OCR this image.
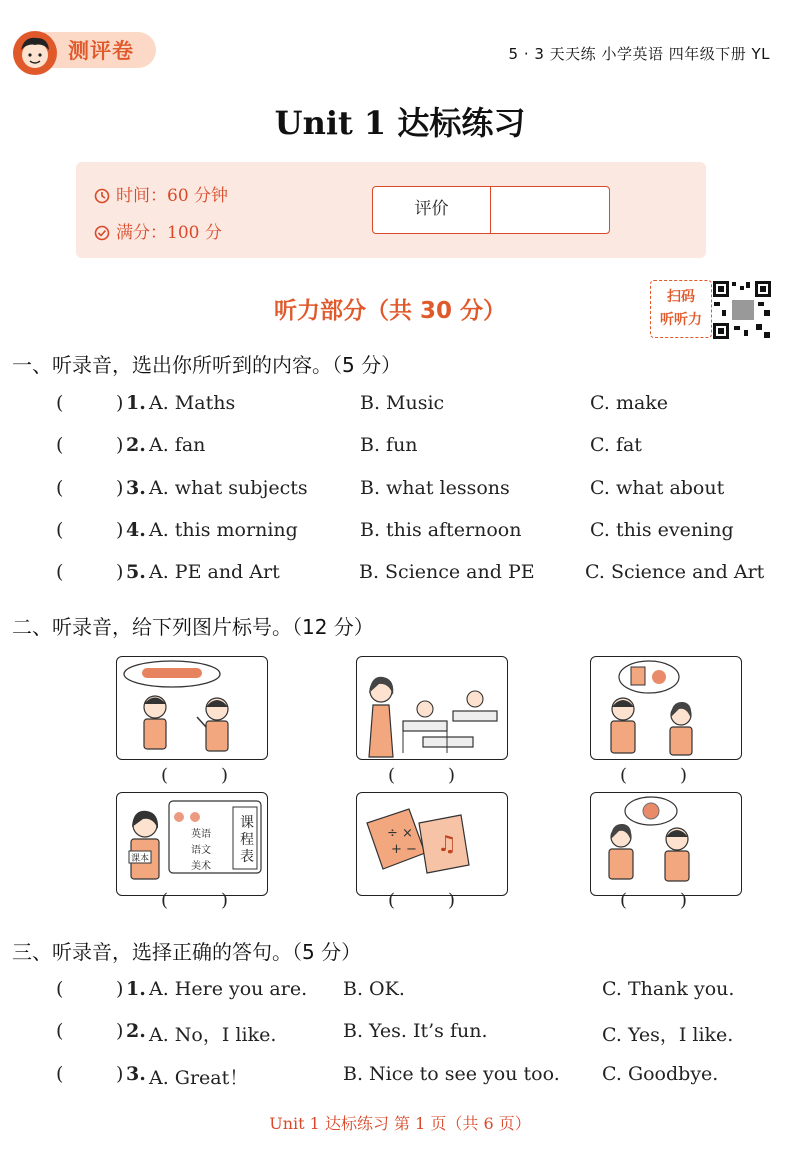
测评卷	5 · 3 天天练 小学英语 四年级下册 YL
Unit 1 达标练习
时间：60 分钟
满分：100 分
评价
听力部分（共 30 分）
扫码
听听力
一、听录音，选出你所听到的内容。（5 分）
(	) 1. A. Maths	B. Music	C. make
(	) 2. A. fan	B. fun	C. fat
(	) 3. A. what subjects	B. what lessons	C. what about
(	) 4. A. this morning	B. this afternoon	C. this evening
(	) 5. A. PE and Art	B. Science and PE	C. Science and Art
二、听录音，给下列图片标号。（12 分）
(	)	(	)	(	)
课程表
英语
语文
美术
课本
(	)
÷ ×
+ − ♫
(	)	(	)
三、听录音，选择正确的答句。（5 分）
(	) 1. A. Here you are. B. OK.	C. Thank you.
(	) 2. A. No，I like.	B. Yes. It’s fun.	C. Yes，I like.
(	) 3. A. Great！	B. Nice to see you too. C. Goodbye.
Unit 1 达标练习 第 1 页（共 6 页）
